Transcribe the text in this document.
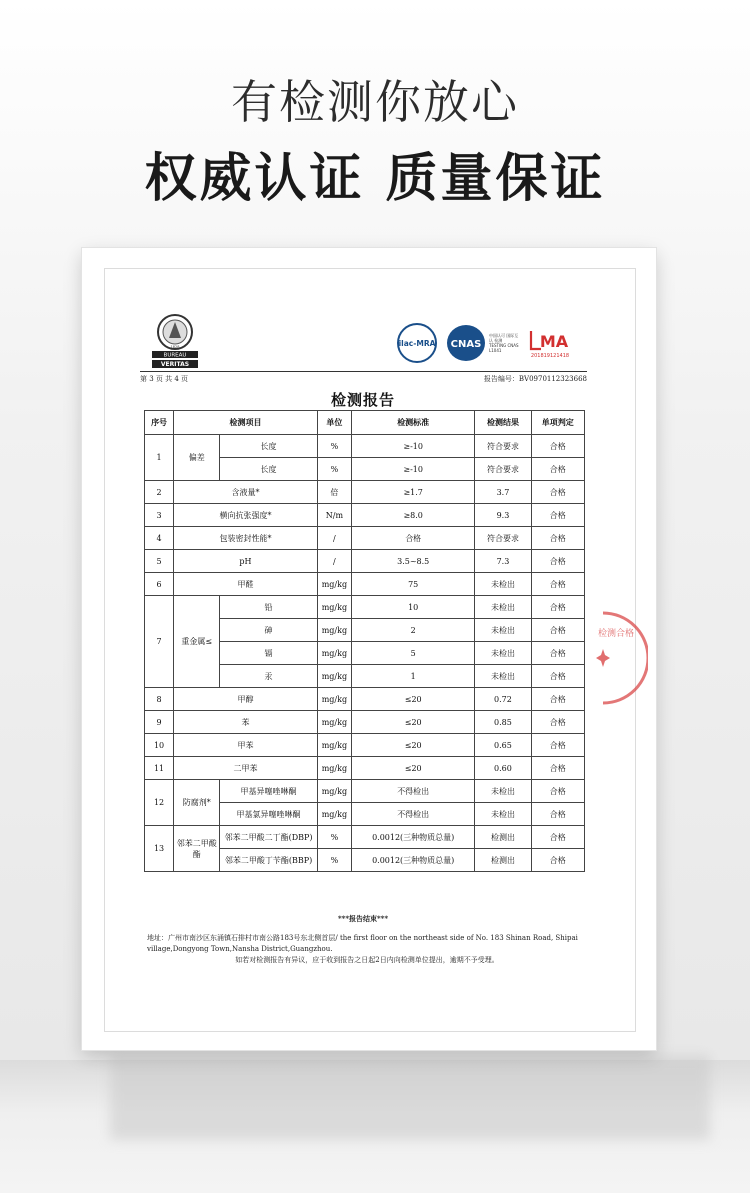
有检测你放心
权威认证 质量保证
BUREAU
VERITAS
1828	ilac-MRA CNAS
中国认可 国际互认 检测 TESTING CNAS L1041	MA
201819121418
第 3 页 共 4 页	报告编号：BV0970112323668
检测报告
序号	检测项目		单位	检测标准	检测结果	单项判定
1	偏差	长度	%	≥-10	符合要求	合格
		长度	%	≥-10	符合要求	合格
2	含液量*		倍	≥1.7	3.7	合格
3	横向抗张强度*		N/m	≥8.0	9.3	合格
4	包装密封性能*		/	合格	符合要求	合格
5	pH		/	3.5~8.5	7.3	合格
6	甲醛		mg/kg	75	未检出	合格
7	重金属≤	铅	mg/kg	10	未检出	合格
		砷	mg/kg	2	未检出	合格
		镉	mg/kg	5	未检出	合格
		汞	mg/kg	1	未检出	合格
8	甲醇		mg/kg	≤20	0.72	合格
9	苯		mg/kg	≤20	0.85	合格
10	甲苯		mg/kg	≤20	0.65	合格
11	二甲苯		mg/kg	≤20	0.60	合格
12	防腐剂*	甲基异噻唑啉酮	mg/kg	不得检出	未检出	合格
		甲基氯异噻唑啉酮	mg/kg	不得检出	未检出	合格
13	邻苯二甲酸酯	邻苯二甲酸二丁酯(DBP)	%	0.0012(三种物质总量)	检测出	合格
		邻苯二甲酸丁苄酯(BBP)	%	0.0012(三种物质总量)	检测出	合格
***报告结束***
地址：广州市南沙区东涌镇石排村市南公路183号东北侧首层/ the first floor on the northeast side of No. 183 Shinan Road, Shipai village,Dongyong Town,Nansha District,Guangzhou.
如若对检测报告有异议，应于收到报告之日起2日内向检测单位提出，逾期不予受理。
检测合格
